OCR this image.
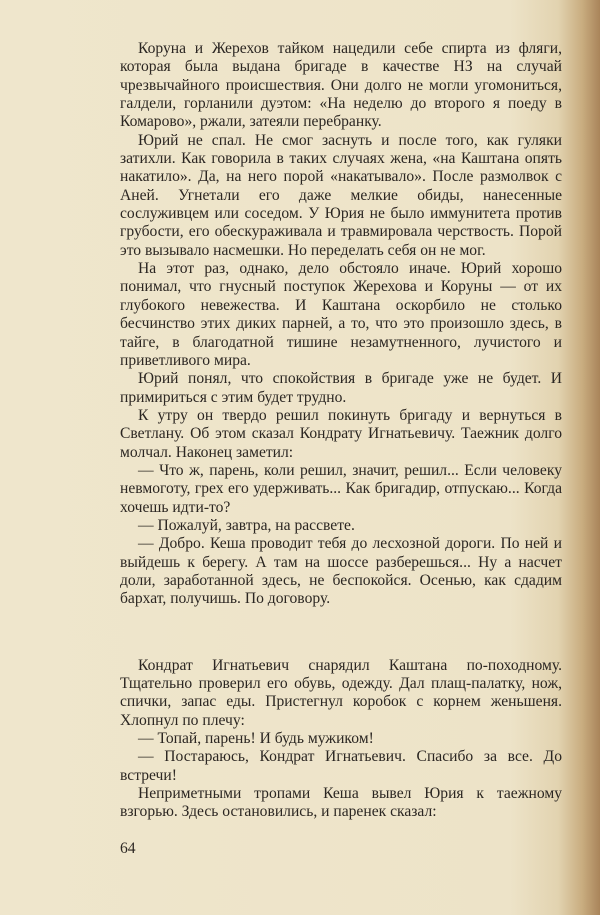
Коруна и Жерехов тайком нацедили себе спирта из фляги, которая была выдана бригаде в качестве НЗ на случай чрезвычайного происшествия. Они долго не могли угомониться, галдели, горланили дуэтом: «На неделю до второго я поеду в Комарово», ржали, затеяли перебранку.

Юрий не спал. Не смог заснуть и после того, как гуляки затихли. Как говорила в таких случаях жена, «на Каштана опять накатило». Да, на него порой «накатывало». После размолвок с Аней. Угнетали его даже мелкие обиды, нанесенные сослуживцем или соседом. У Юрия не было иммунитета против грубости, его обескураживала и травмировала черствость. Порой это вызывало насмешки. Но переделать себя он не мог.

На этот раз, однако, дело обстояло иначе. Юрий хорошо понимал, что гнусный поступок Жерехова и Коруны — от их глубокого невежества. И Каштана оскорбило не столько бесчинство этих диких парней, а то, что это произошло здесь, в тайге, в благодатной тишине незамутненного, лучистого и приветливого мира.

Юрий понял, что спокойствия в бригаде уже не будет. И примириться с этим будет трудно.

К утру он твердо решил покинуть бригаду и вернуться в Светлану. Об этом сказал Кондрату Игнатьевичу. Таежник долго молчал. Наконец заметил:

— Что ж, парень, коли решил, значит, решил... Если человеку невмоготу, грех его удерживать... Как бригадир, отпускаю... Когда хочешь идти-то?

— Пожалуй, завтра, на рассвете.

— Добро. Кеша проводит тебя до лесхозной дороги. По ней и выйдешь к берегу. А там на шоссе разберешься... Ну а насчет доли, заработанной здесь, не беспокойся. Осенью, как сдадим бархат, получишь. По договору.

Кондрат Игнатьевич снарядил Каштана по-походному. Тщательно проверил его обувь, одежду. Дал плащ-палатку, нож, спички, запас еды. Пристегнул коробок с корнем женьшеня. Хлопнул по плечу:

— Топай, парень! И будь мужиком!

— Постараюсь, Кондрат Игнатьевич. Спасибо за все. До встречи!

Неприметными тропами Кеша вывел Юрия к таежному взгорью. Здесь остановились, и паренек сказал:

64
